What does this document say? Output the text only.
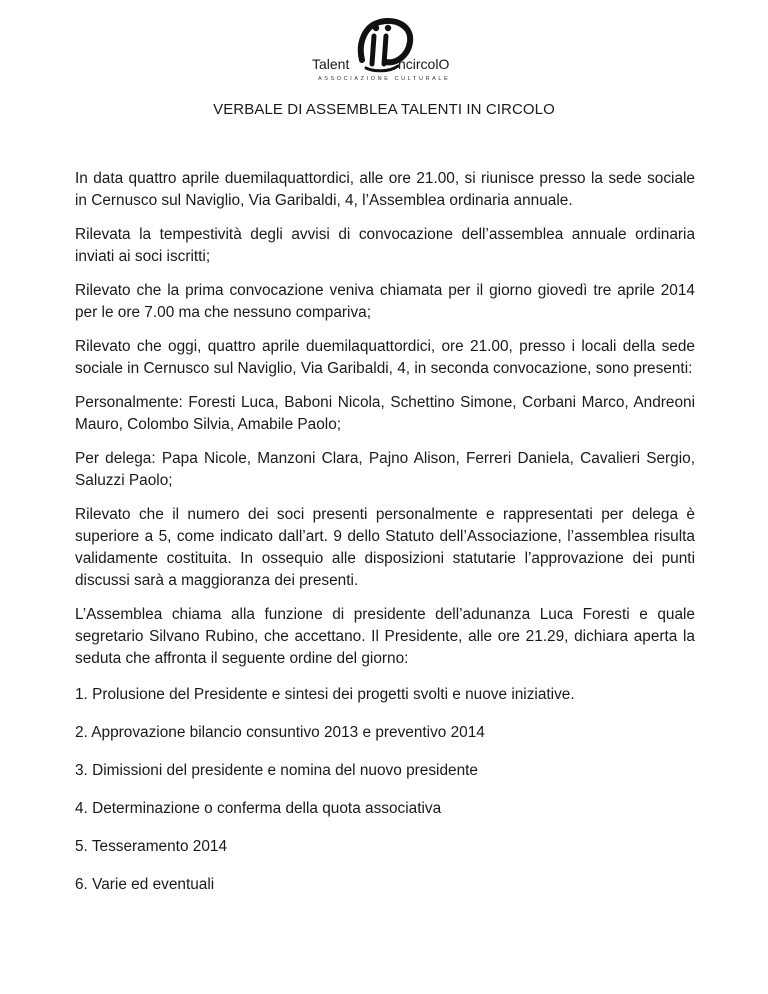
Talent	ncircolO
ASSOCIAZIONE CULTURALE
VERBALE DI ASSEMBLEA TALENTI IN CIRCOLO

In data quattro aprile duemilaquattordici, alle ore 21.00, si riunisce presso la sede sociale in Cernusco sul Naviglio, Via Garibaldi, 4, l’Assemblea ordinaria annuale.

Rilevata la tempestività degli avvisi di convocazione dell’assemblea annuale ordinaria inviati ai soci iscritti;

Rilevato che la prima convocazione veniva chiamata per il giorno giovedì tre aprile 2014 per le ore 7.00 ma che nessuno compariva;

Rilevato che oggi, quattro aprile duemilaquattordici, ore 21.00, presso i locali della sede sociale in Cernusco sul Naviglio, Via Garibaldi, 4, in seconda convocazione, sono presenti:

Personalmente: Foresti Luca, Baboni Nicola, Schettino Simone, Corbani Marco, Andreoni Mauro, Colombo Silvia, Amabile Paolo;

Per delega: Papa Nicole, Manzoni Clara, Pajno Alison, Ferreri Daniela, Cavalieri Sergio, Saluzzi Paolo;

Rilevato che il numero dei soci presenti personalmente e rappresentati per delega è superiore a 5, come indicato dall’art. 9 dello Statuto dell’Associazione, l’assemblea risulta validamente costituita. In ossequio alle disposizioni statutarie l’approvazione dei punti discussi sarà a maggioranza dei presenti.

L’Assemblea chiama alla funzione di presidente dell’adunanza Luca Foresti e quale segretario Silvano Rubino, che accettano. Il Presidente, alle ore 21.29, dichiara aperta la seduta che affronta il seguente ordine del giorno:

1. Prolusione del Presidente e sintesi dei progetti svolti e nuove iniziative.
2. Approvazione bilancio consuntivo 2013 e preventivo 2014
3. Dimissioni del presidente e nomina del nuovo presidente
4. Determinazione o conferma della quota associativa
5. Tesseramento 2014
6. Varie ed eventuali
